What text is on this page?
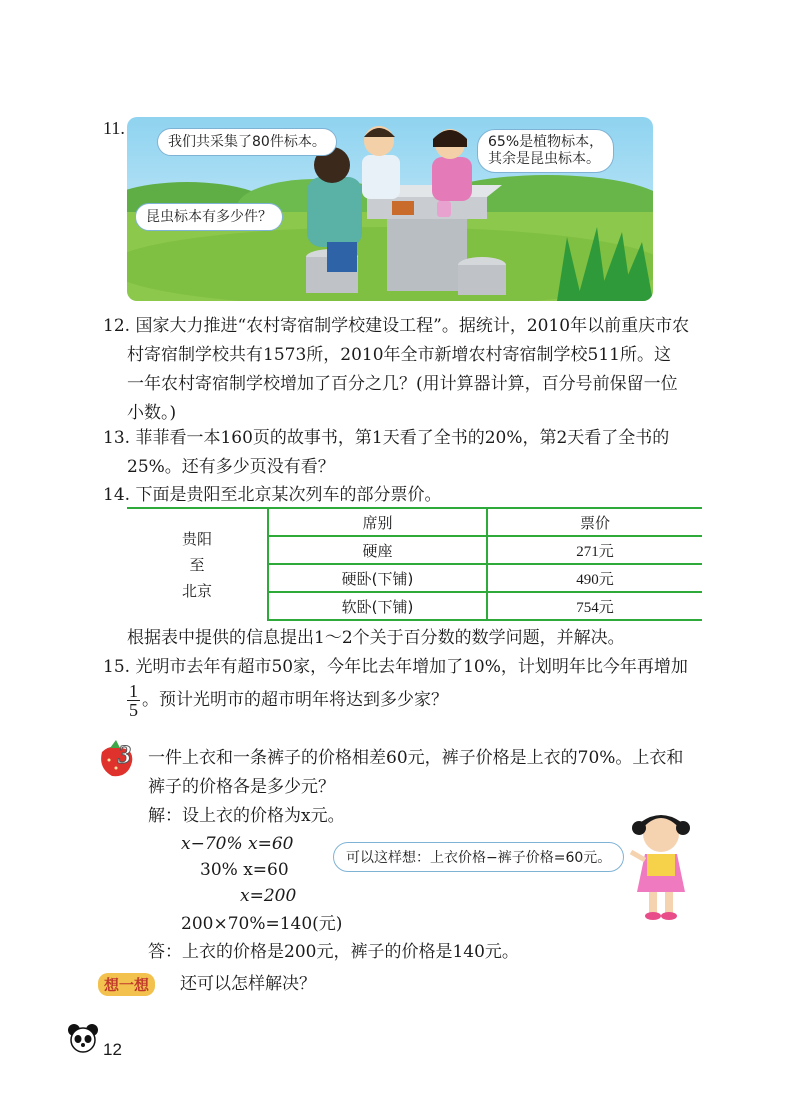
11.
我们共采集了80件标本。	65%是植物标本，
其余是昆虫标本。
昆虫标本有多少件？
12. 国家大力推进“农村寄宿制学校建设工程”。据统计，2010年以前重庆市农
村寄宿制学校共有1573所，2010年全市新增农村寄宿制学校511所。这
一年农村寄宿制学校增加了百分之几？(用计算器计算，百分号前保留一位
小数。)
13. 菲菲看一本160页的故事书，第1天看了全书的20%，第2天看了全书的
25%。还有多少页没有看？
14. 下面是贵阳至北京某次列车的部分票价。
贵阳
至
北京	席别	票价
	硬座	271元
	硬卧(下铺)	490元
	软卧(下铺)	754元
根据表中提供的信息提出1～2个关于百分数的数学问题，并解决。
15. 光明市去年有超市50家，今年比去年增加了10%，计划明年比今年再增加
$\frac{1}{5}$ 。预计光明市的超市明年将达到多少家？
3 一件上衣和一条裤子的价格相差60元，裤子价格是上衣的70%。上衣和
裤子的价格各是多少元？
解：设上衣的价格为x元。
x−70% x=60
30% x=60
x=200
200×70%=140(元)
答：上衣的价格是200元，裤子的价格是140元。
可以这样想：上衣价格−裤子价格=60元。
想一想	还可以怎样解决？
12
